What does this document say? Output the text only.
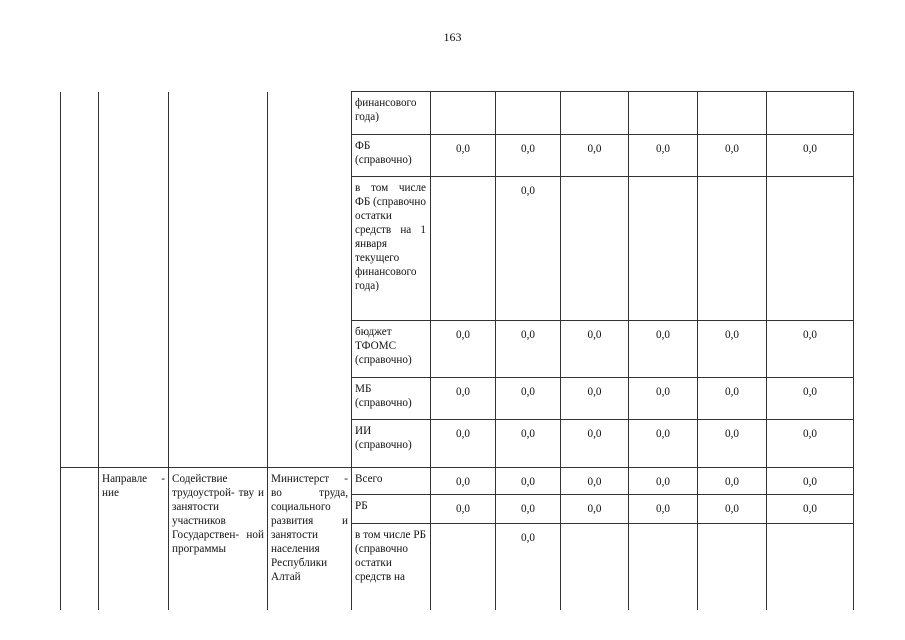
163
				финансового года)						
				ФБ (справочно)	0,0	0,0	0,0	0,0	0,0	0,0
				в том числе ФБ (справочно остатки средств на 1 января текущего финансового года)		0,0				
				бюджет ТФОМС (справочно)	0,0	0,0	0,0	0,0	0,0	0,0
				МБ (справочно)	0,0	0,0	0,0	0,0	0,0	0,0
				ИИ (справочно)	0,0	0,0	0,0	0,0	0,0	0,0
	Направле - ние	Содействие трудоустрой- тву и занятости участников Государствен- ной программы	Министерст - во труда, социального развития и занятости населения Республики Алтай	Всего	0,0	0,0	0,0	0,0	0,0	0,0
				РБ	0,0	0,0	0,0	0,0	0,0	0,0
				в том числе РБ (справочно остатки средств на		0,0				
